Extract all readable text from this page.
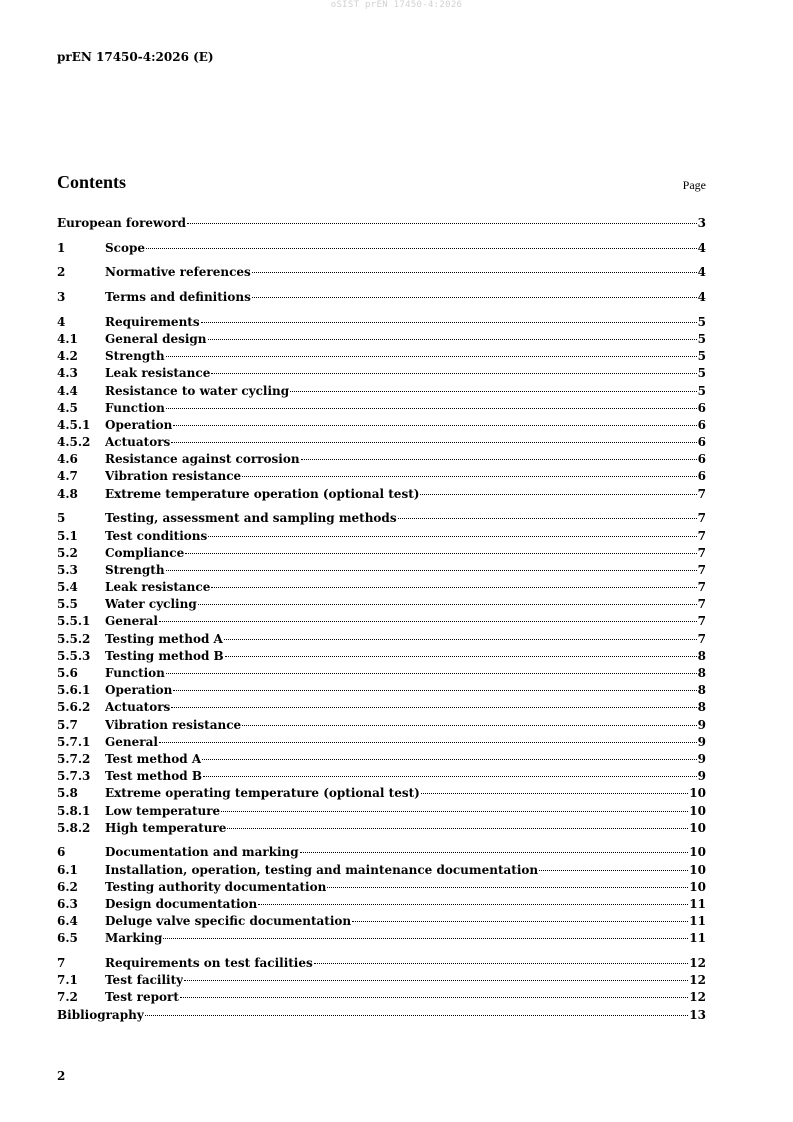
oSIST prEN 17450-4:2026
prEN 17450-4:2026 (E)
Contents	Page
European foreword	3
1	Scope	4
2	Normative references	4
3	Terms and definitions	4
4	Requirements	5
4.1	General design	5
4.2	Strength	5
4.3	Leak resistance	5
4.4	Resistance to water cycling	5
4.5	Function	6
4.5.1	Operation	6
4.5.2	Actuators	6
4.6	Resistance against corrosion	6
4.7	Vibration resistance	6
4.8	Extreme temperature operation (optional test)	7
5	Testing, assessment and sampling methods	7
5.1	Test conditions	7
5.2	Compliance	7
5.3	Strength	7
5.4	Leak resistance	7
5.5	Water cycling	7
5.5.1	General	7
5.5.2	Testing method A	7
5.5.3	Testing method B	8
5.6	Function	8
5.6.1	Operation	8
5.6.2	Actuators	8
5.7	Vibration resistance	9
5.7.1	General	9
5.7.2	Test method A	9
5.7.3	Test method B	9
5.8	Extreme operating temperature (optional test)	10
5.8.1	Low temperature	10
5.8.2	High temperature	10
6	Documentation and marking	10
6.1	Installation, operation, testing and maintenance documentation	10
6.2	Testing authority documentation	10
6.3	Design documentation	11
6.4	Deluge valve specific documentation	11
6.5	Marking	11
7	Requirements on test facilities	12
7.1	Test facility	12
7.2	Test report	12
Bibliography	13
2
